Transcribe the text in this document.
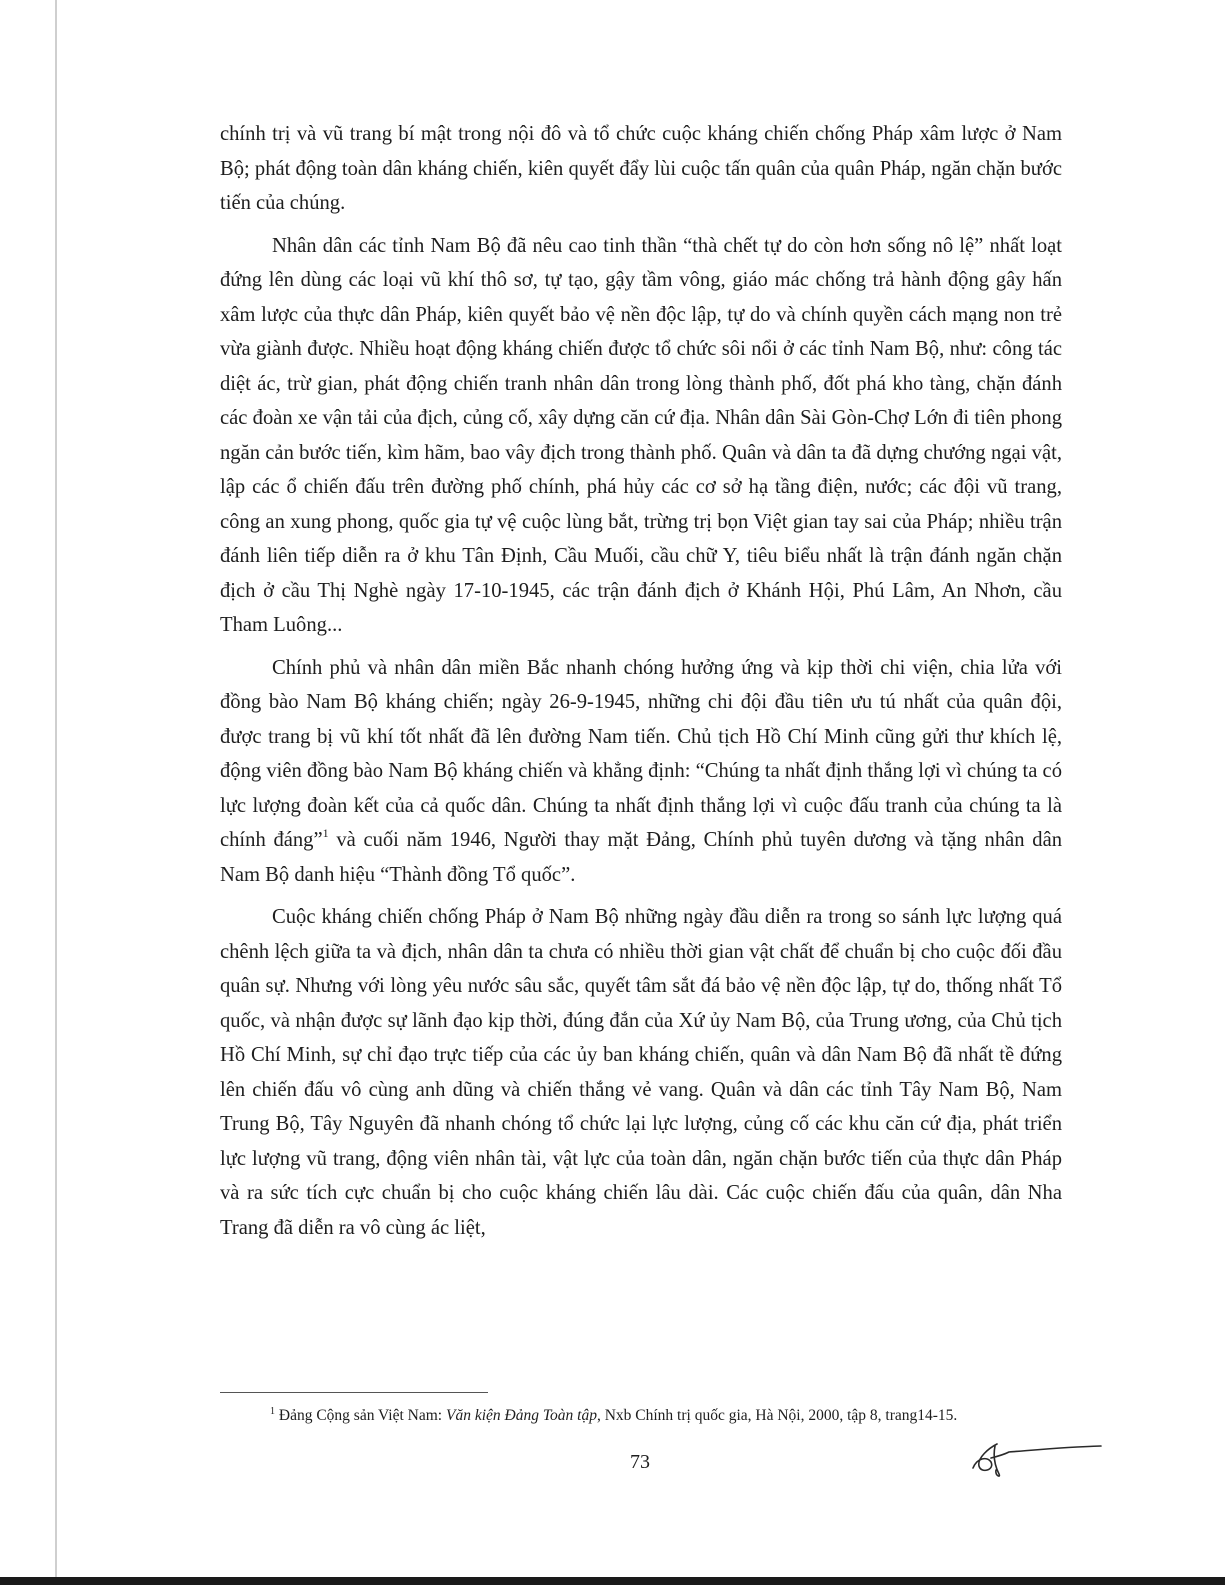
chính trị và vũ trang bí mật trong nội đô và tổ chức cuộc kháng chiến chống Pháp xâm lược ở Nam Bộ; phát động toàn dân kháng chiến, kiên quyết đẩy lùi cuộc tấn quân của quân Pháp, ngăn chặn bước tiến của chúng.

Nhân dân các tỉnh Nam Bộ đã nêu cao tinh thần “thà chết tự do còn hơn sống nô lệ” nhất loạt đứng lên dùng các loại vũ khí thô sơ, tự tạo, gậy tầm vông, giáo mác chống trả hành động gây hấn xâm lược của thực dân Pháp, kiên quyết bảo vệ nền độc lập, tự do và chính quyền cách mạng non trẻ vừa giành được. Nhiều hoạt động kháng chiến được tổ chức sôi nổi ở các tỉnh Nam Bộ, như: công tác diệt ác, trừ gian, phát động chiến tranh nhân dân trong lòng thành phố, đốt phá kho tàng, chặn đánh các đoàn xe vận tải của địch, củng cố, xây dựng căn cứ địa. Nhân dân Sài Gòn-Chợ Lớn đi tiên phong ngăn cản bước tiến, kìm hãm, bao vây địch trong thành phố. Quân và dân ta đã dựng chướng ngại vật, lập các ổ chiến đấu trên đường phố chính, phá hủy các cơ sở hạ tầng điện, nước; các đội vũ trang, công an xung phong, quốc gia tự vệ cuộc lùng bắt, trừng trị bọn Việt gian tay sai của Pháp; nhiều trận đánh liên tiếp diễn ra ở khu Tân Định, Cầu Muối, cầu chữ Y, tiêu biểu nhất là trận đánh ngăn chặn địch ở cầu Thị Nghè ngày 17-10-1945, các trận đánh địch ở Khánh Hội, Phú Lâm, An Nhơn, cầu Tham Luông...

Chính phủ và nhân dân miền Bắc nhanh chóng hưởng ứng và kịp thời chi viện, chia lửa với đồng bào Nam Bộ kháng chiến; ngày 26-9-1945, những chi đội đầu tiên ưu tú nhất của quân đội, được trang bị vũ khí tốt nhất đã lên đường Nam tiến. Chủ tịch Hồ Chí Minh cũng gửi thư khích lệ, động viên đồng bào Nam Bộ kháng chiến và khẳng định: “Chúng ta nhất định thắng lợi vì chúng ta có lực lượng đoàn kết của cả quốc dân. Chúng ta nhất định thắng lợi vì cuộc đấu tranh của chúng ta là chính đáng”$^1$ và cuối năm 1946, Người thay mặt Đảng, Chính phủ tuyên dương và tặng nhân dân Nam Bộ danh hiệu “Thành đồng Tổ quốc”.

Cuộc kháng chiến chống Pháp ở Nam Bộ những ngày đầu diễn ra trong so sánh lực lượng quá chênh lệch giữa ta và địch, nhân dân ta chưa có nhiều thời gian vật chất để chuẩn bị cho cuộc đối đầu quân sự. Nhưng với lòng yêu nước sâu sắc, quyết tâm sắt đá bảo vệ nền độc lập, tự do, thống nhất Tổ quốc, và nhận được sự lãnh đạo kịp thời, đúng đắn của Xứ ủy Nam Bộ, của Trung ương, của Chủ tịch Hồ Chí Minh, sự chỉ đạo trực tiếp của các ủy ban kháng chiến, quân và dân Nam Bộ đã nhất tề đứng lên chiến đấu vô cùng anh dũng và chiến thắng vẻ vang. Quân và dân các tỉnh Tây Nam Bộ, Nam Trung Bộ, Tây Nguyên đã nhanh chóng tổ chức lại lực lượng, củng cố các khu căn cứ địa, phát triển lực lượng vũ trang, động viên nhân tài, vật lực của toàn dân, ngăn chặn bước tiến của thực dân Pháp và ra sức tích cực chuẩn bị cho cuộc kháng chiến lâu dài. Các cuộc chiến đấu của quân, dân Nha Trang đã diễn ra vô cùng ác liệt,

$^1$ Đảng Cộng sản Việt Nam: Văn kiện Đảng Toàn tập, Nxb Chính trị quốc gia, Hà Nội, 2000, tập 8, trang14-15.
73
